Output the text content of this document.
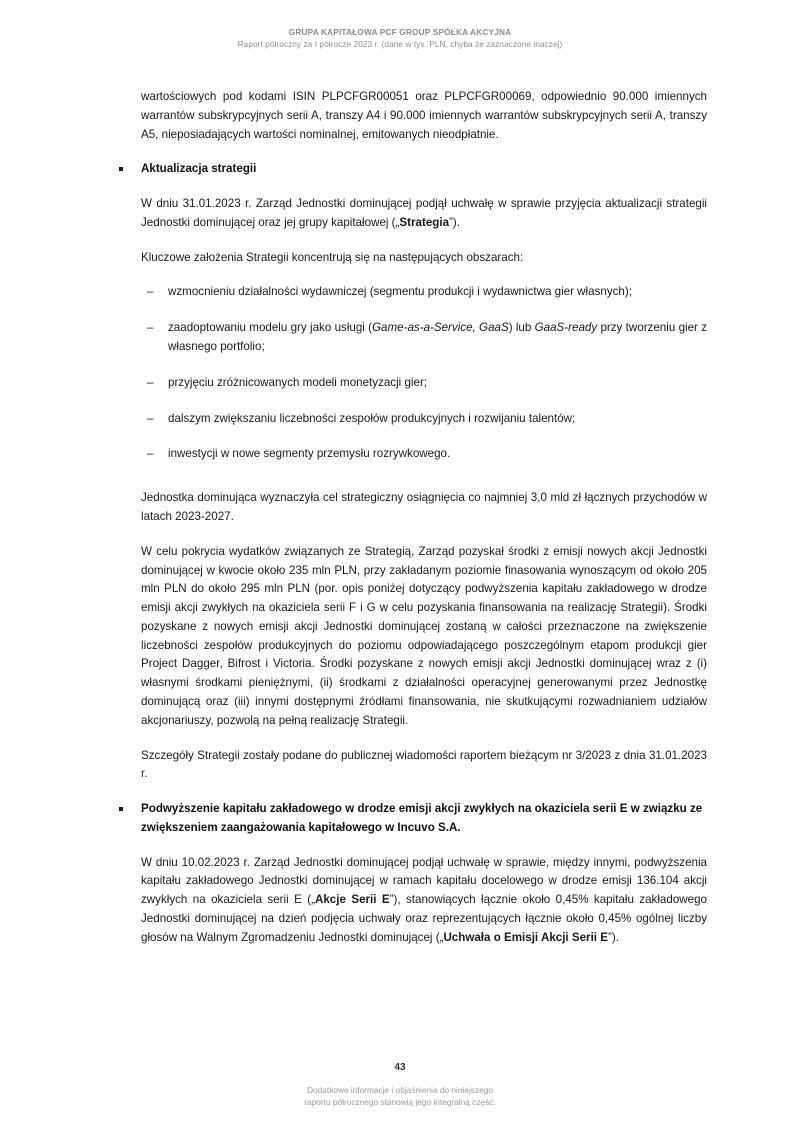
GRUPA KAPITAŁOWA PCF GROUP SPÓŁKA AKCYJNA
Raport półroczny za I półrocze 2023 r. (dane w tys. PLN, chyba że zaznaczone inaczej)

wartościowych pod kodami ISIN PLPCFGR00051 oraz PLPCFGR00069, odpowiednio 90.000 imiennych warrantów subskrypcyjnych serii A, transzy A4 i 90.000 imiennych warrantów subskrypcyjnych serii A, transzy A5, nieposiadających wartości nominalnej, emitowanych nieodpłatnie.

Aktualizacja strategii

W dniu 31.01.2023 r. Zarząd Jednostki dominującej podjął uchwałę w sprawie przyjęcia aktualizacji strategii Jednostki dominującej oraz jej grupy kapitałowej („Strategia”).

Kluczowe założenia Strategii koncentrują się na następujących obszarach:

– wzmocnieniu działalności wydawniczej (segmentu produkcji i wydawnictwa gier własnych);
– zaadoptowaniu modelu gry jako usługi (Game-as-a-Service, GaaS) lub GaaS-ready przy tworzeniu gier z własnego portfolio;
– przyjęciu zróżnicowanych modeli monetyzacji gier;
– dalszym zwiększaniu liczebności zespołów produkcyjnych i rozwijaniu talentów;
– inwestycji w nowe segmenty przemysłu rozrywkowego.

Jednostka dominująca wyznaczyła cel strategiczny osiągnięcia co najmniej 3,0 mld zł łącznych przychodów w latach 2023-2027.

W celu pokrycia wydatków związanych ze Strategią, Zarząd pozyskał środki z emisji nowych akcji Jednostki dominującej w kwocie około 235 mln PLN, przy zakładanym poziomie finasowania wynoszącym od około 205 mln PLN do około 295 mln PLN (por. opis poniżej dotyczący podwyższenia kapitału zakładowego w drodze emisji akcji zwykłych na okaziciela serii F i G w celu pozyskania finansowania na realizację Strategii). Środki pozyskane z nowych emisji akcji Jednostki dominującej zostaną w całości przeznaczone na zwiększenie liczebności zespołów produkcyjnych do poziomu odpowiadającego poszczególnym etapom produkcji gier Project Dagger, Bifrost i Victoria. Środki pozyskane z nowych emisji akcji Jednostki dominującej wraz z (i) własnymi środkami pieniężnymi, (ii) środkami z działalności operacyjnej generowanymi przez Jednostkę dominującą oraz (iii) innymi dostępnymi źródłami finansowania, nie skutkującymi rozwadnianiem udziałów akcjonariuszy, pozwolą na pełną realizację Strategii.

Szczegóły Strategii zostały podane do publicznej wiadomości raportem bieżącym nr 3/2023 z dnia 31.01.2023 r.

Podwyższenie kapitału zakładowego w drodze emisji akcji zwykłych na okaziciela serii E w związku ze zwiększeniem zaangażowania kapitałowego w Incuvo S.A.

W dniu 10.02.2023 r. Zarząd Jednostki dominującej podjął uchwałę w sprawie, między innymi, podwyższenia kapitału zakładowego Jednostki dominującej w ramach kapitału docelowego w drodze emisji 136.104 akcji zwykłych na okaziciela serii E („Akcje Serii E”), stanowiących łącznie około 0,45% kapitału zakładowego Jednostki dominującej na dzień podjęcia uchwały oraz reprezentujących łącznie około 0,45% ogólnej liczby głosów na Walnym Zgromadzeniu Jednostki dominującej („Uchwała o Emisji Akcji Serii E”).

43
Dodatkowe informacje i objaśnienia do niniejszego
raportu półrocznego stanowią jego integralną część.
